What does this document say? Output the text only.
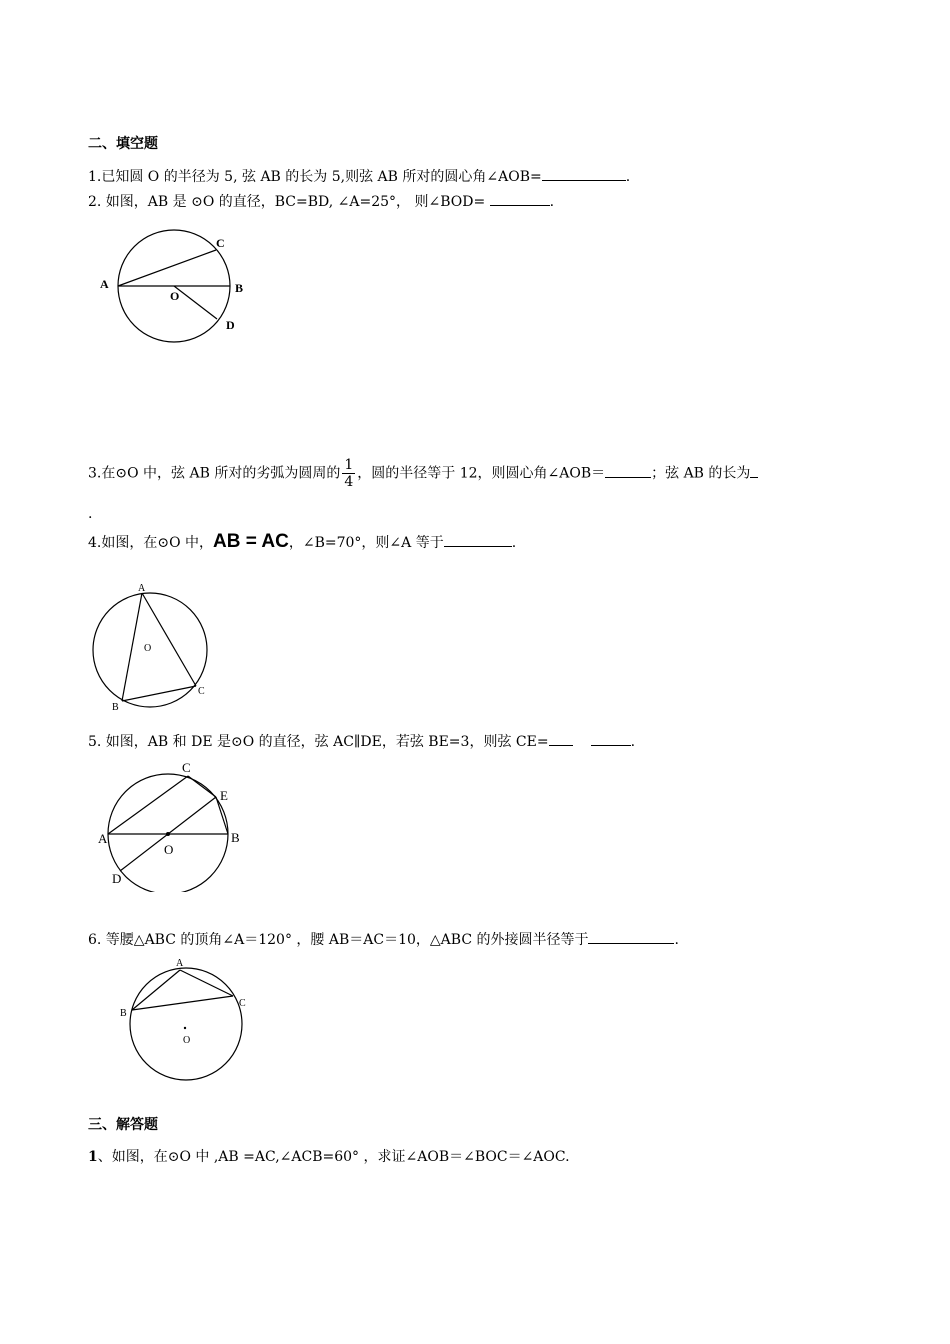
二、填空题
1.已知圆 O 的半径为 5, 弦 AB 的长为 5,则弦 AB 所对的圆心角∠AOB=	.
2. 如图，AB 是 ⊙O 的直径，BC=BD, ∠A=25°， 则∠BOD=	.
A	B
C
D
O
3.在⊙O 中，弦 AB 所对的劣弧为圆周的 $\frac{1}{4}$ ，圆的半径等于 12，则圆心角∠AOB＝	；弦 AB 的长为
.
4.如图，在⊙O 中，AB = AC，∠B=70°，则∠A 等于	.
A
B
C
O
5. 如图，AB 和 DE 是⊙O 的直径，弦 AC∥DE，若弦 BE=3，则弦 CE=	.
C
E
A	B
O
D
6. 等腰△ABC 的顶角∠A＝120° ，腰 AB＝AC＝10，△ABC 的外接圆半径等于	.
A
B
C
O
三、解答题
1、如图，在⊙O 中 ,AB =AC,∠ACB=60° ，求证∠AOB＝∠BOC＝∠AOC.
